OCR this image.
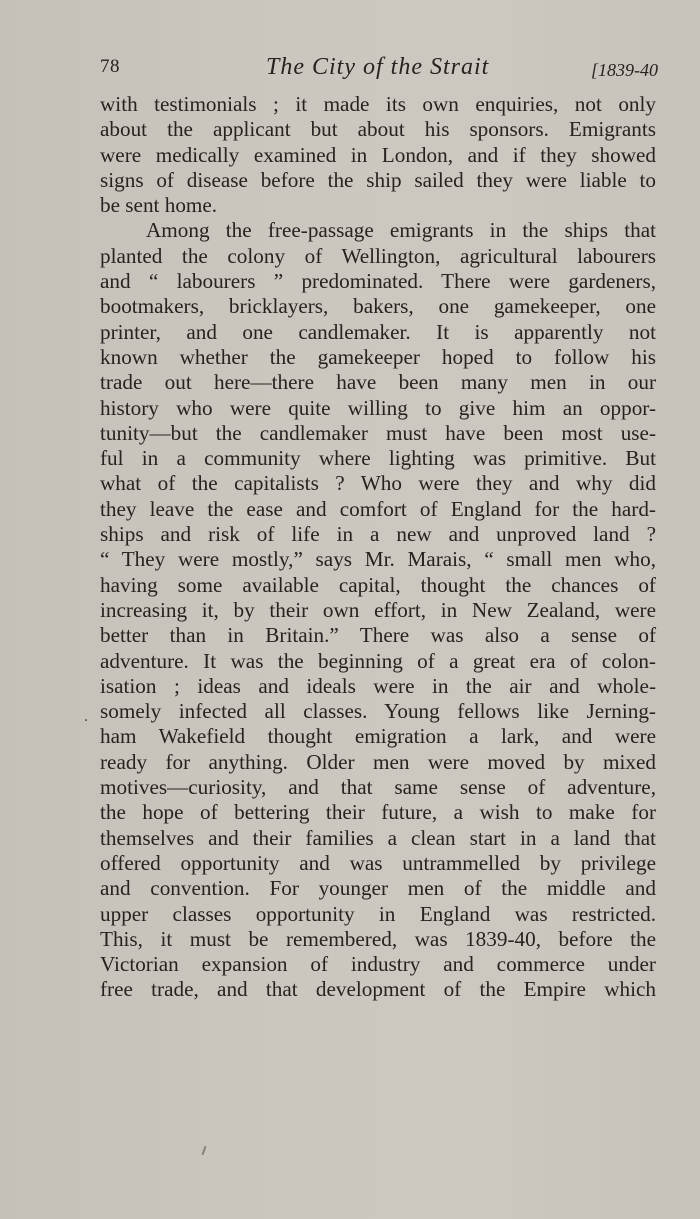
78	The City of the Strait	[1839-40
with testimonials ; it made its own enquiries, not only
about the applicant but about his sponsors. Emigrants
were medically examined in London, and if they showed
signs of disease before the ship sailed they were liable to
be sent home.
Among the free-passage emigrants in the ships that
planted the colony of Wellington, agricultural labourers
and “ labourers ” predominated. There were gardeners,
bootmakers, bricklayers, bakers, one gamekeeper, one
printer, and one candlemaker. It is apparently not
known whether the gamekeeper hoped to follow his
trade out here—there have been many men in our
history who were quite willing to give him an oppor-
tunity—but the candlemaker must have been most use-
ful in a community where lighting was primitive. But
what of the capitalists ? Who were they and why did
they leave the ease and comfort of England for the hard-
ships and risk of life in a new and unproved land ?
“ They were mostly,” says Mr. Marais, “ small men who,
having some available capital, thought the chances of
increasing it, by their own effort, in New Zealand, were
better than in Britain.” There was also a sense of
adventure. It was the beginning of a great era of colon-
isation ; ideas and ideals were in the air and whole-
somely infected all classes. Young fellows like Jerning-
ham Wakefield thought emigration a lark, and were
ready for anything. Older men were moved by mixed
motives—curiosity, and that same sense of adventure,
the hope of bettering their future, a wish to make for
themselves and their families a clean start in a land that
offered opportunity and was untrammelled by privilege
and convention. For younger men of the middle and
upper classes opportunity in England was restricted.
This, it must be remembered, was 1839-40, before the
Victorian expansion of industry and commerce under
free trade, and that development of the Empire which
.
